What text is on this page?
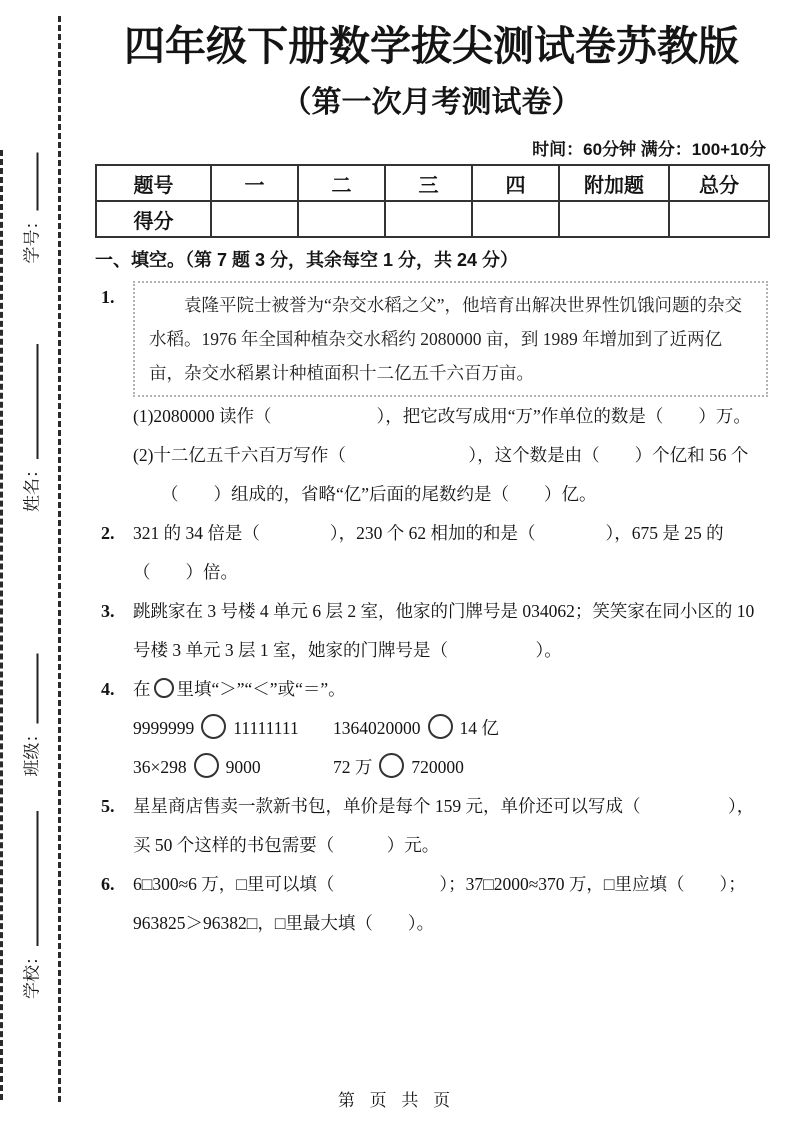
学号：
姓名：
班级：
学校：
四年级下册数学拔尖测试卷苏教版
（第一次月考测试卷）
时间：60分钟 满分：100+10分
题号	一	二	三	四	附加题	总分
得分						
一、填空。（第 7 题 3 分，其余每空 1 分，共 24 分）
1.	　　袁隆平院士被誉为“杂交水稻之父”，他培育出解决世界性饥饿问题的杂交水稻。1976 年全国种植杂交水稻约 2080000 亩，到 1989 年增加到了近两亿亩，杂交水稻累计种植面积十二亿五千六百万亩。
(1)2080000 读作（　　　　　　），把它改写成用“万”作单位的数是（　　）万。
(2)十二亿五千六百万写作（　　　　　　　），这个数是由（　　）个亿和 56 个（　　）组成的，省略“亿”后面的尾数约是（　　）亿。
2.	321 的 34 倍是（　　　　），230 个 62 相加的和是（　　　　），675 是 25 的（　　）倍。
3.	跳跳家在 3 号楼 4 单元 6 层 2 室，他家的门牌号是 034062；笑笑家在同小区的 10 号楼 3 单元 3 层 1 室，她家的门牌号是（　　　　　）。
4.	在 里填“＞”“＜”或“＝”。
9999999 11111111	1364020000 14 亿
36×298 9000	72 万 720000
5.	星星商店售卖一款新书包，单价是每个 159 元，单价还可以写成（　　　　　），买 50 个这样的书包需要（　　　）元。
6.	6□300≈6 万，□里可以填（　　　　　　）；37□2000≈370 万，□里应填（　　）；963825＞96382□，□里最大填（　　）。
第 页 共 页
